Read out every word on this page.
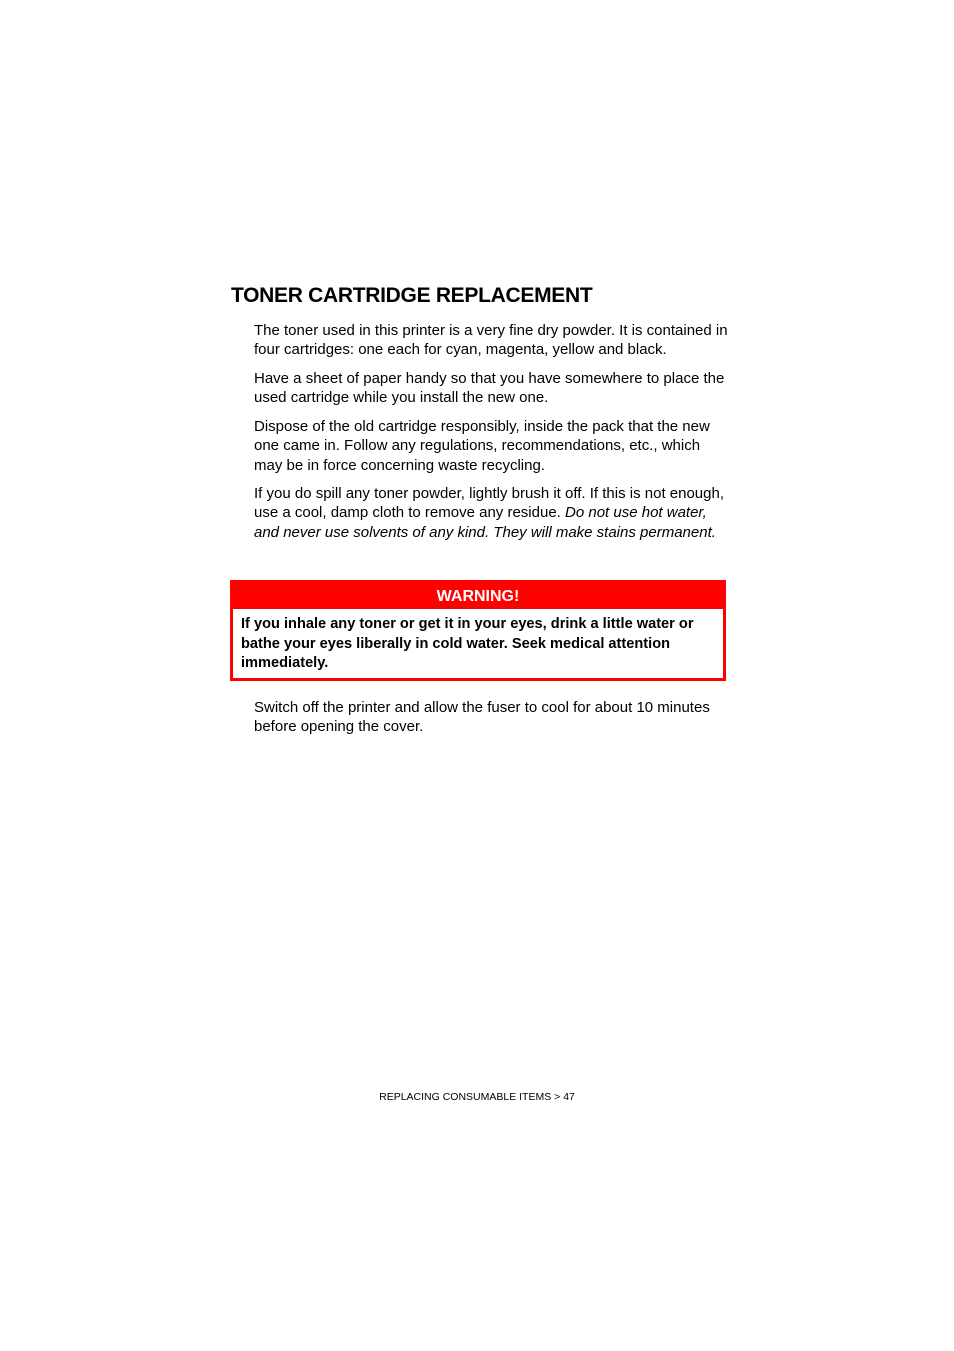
TONER CARTRIDGE REPLACEMENT

The toner used in this printer is a very fine dry powder. It is contained in four cartridges: one each for cyan, magenta, yellow and black.

Have a sheet of paper handy so that you have somewhere to place the used cartridge while you install the new one.

Dispose of the old cartridge responsibly, inside the pack that the new one came in. Follow any regulations, recommendations, etc., which may be in force concerning waste recycling.

If you do spill any toner powder, lightly brush it off. If this is not enough, use a cool, damp cloth to remove any residue. Do not use hot water, and never use solvents of any kind. They will make stains permanent.

WARNING!
If you inhale any toner or get it in your eyes, drink a little water or bathe your eyes liberally in cold water. Seek medical attention immediately.

Switch off the printer and allow the fuser to cool for about 10 minutes before opening the cover.

REPLACING CONSUMABLE ITEMS > 47
